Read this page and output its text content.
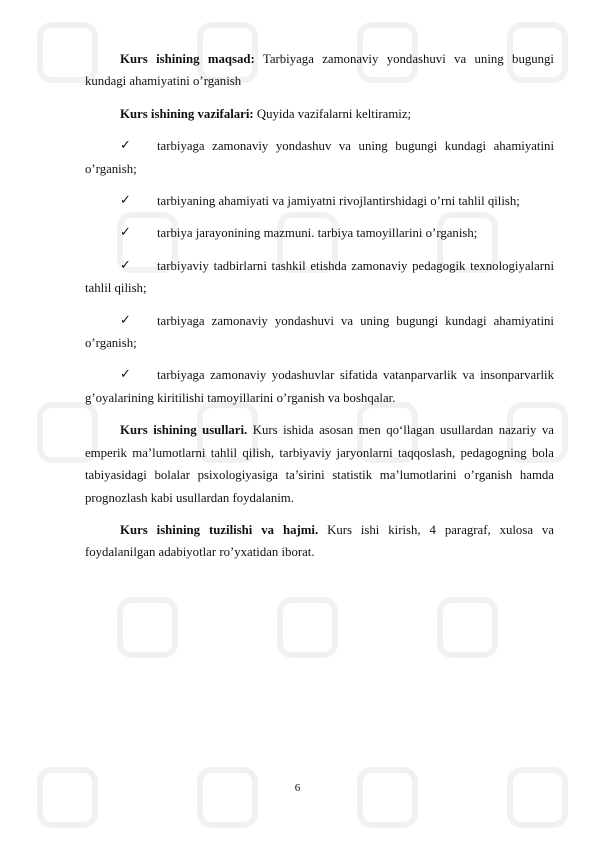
Kurs ishining maqsad: Tarbiyaga zamonaviy yondashuvi va uning bugungi kundagi ahamiyatini o’rganish

Kurs ishining vazifalari: Quyida vazifalarni keltiramiz;

✓ tarbiyaga zamonaviy yondashuv va uning bugungi kundagi ahamiyatini o’rganish;

✓ tarbiyaning ahamiyati va jamiyatni rivojlantirshidagi o’rni tahlil qilish;

✓ tarbiya jarayonining mazmuni. tarbiya tamoyillarini o’rganish;

✓ tarbiyaviy tadbirlarni tashkil etishda zamonaviy pedagogik texnologiyalarni tahlil qilish;

✓ tarbiyaga zamonaviy yondashuvi va uning bugungi kundagi ahamiyatini o’rganish;

✓ tarbiyaga zamonaviy yodashuvlar sifatida vatanparvarlik va insonparvarlik g’oyalarining kiritilishi tamoyillarini o’rganish va boshqalar.

Kurs ishining usullari. Kurs ishida asosan men qo‘llagan usullardan nazariy va emperik ma’lumotlarni tahlil qilish, tarbiyaviy jaryonlarni taqqoslash, pedagogning bola tabiyasidagi bolalar psixologiyasiga ta’sirini statistik ma’lumotlarini o’rganish hamda prognozlash kabi usullardan foydalanim.

Kurs ishining tuzilishi va hajmi. Kurs ishi kirish, 4 paragraf, xulosa va foydalanilgan adabiyotlar ro’yxatidan iborat.

6
